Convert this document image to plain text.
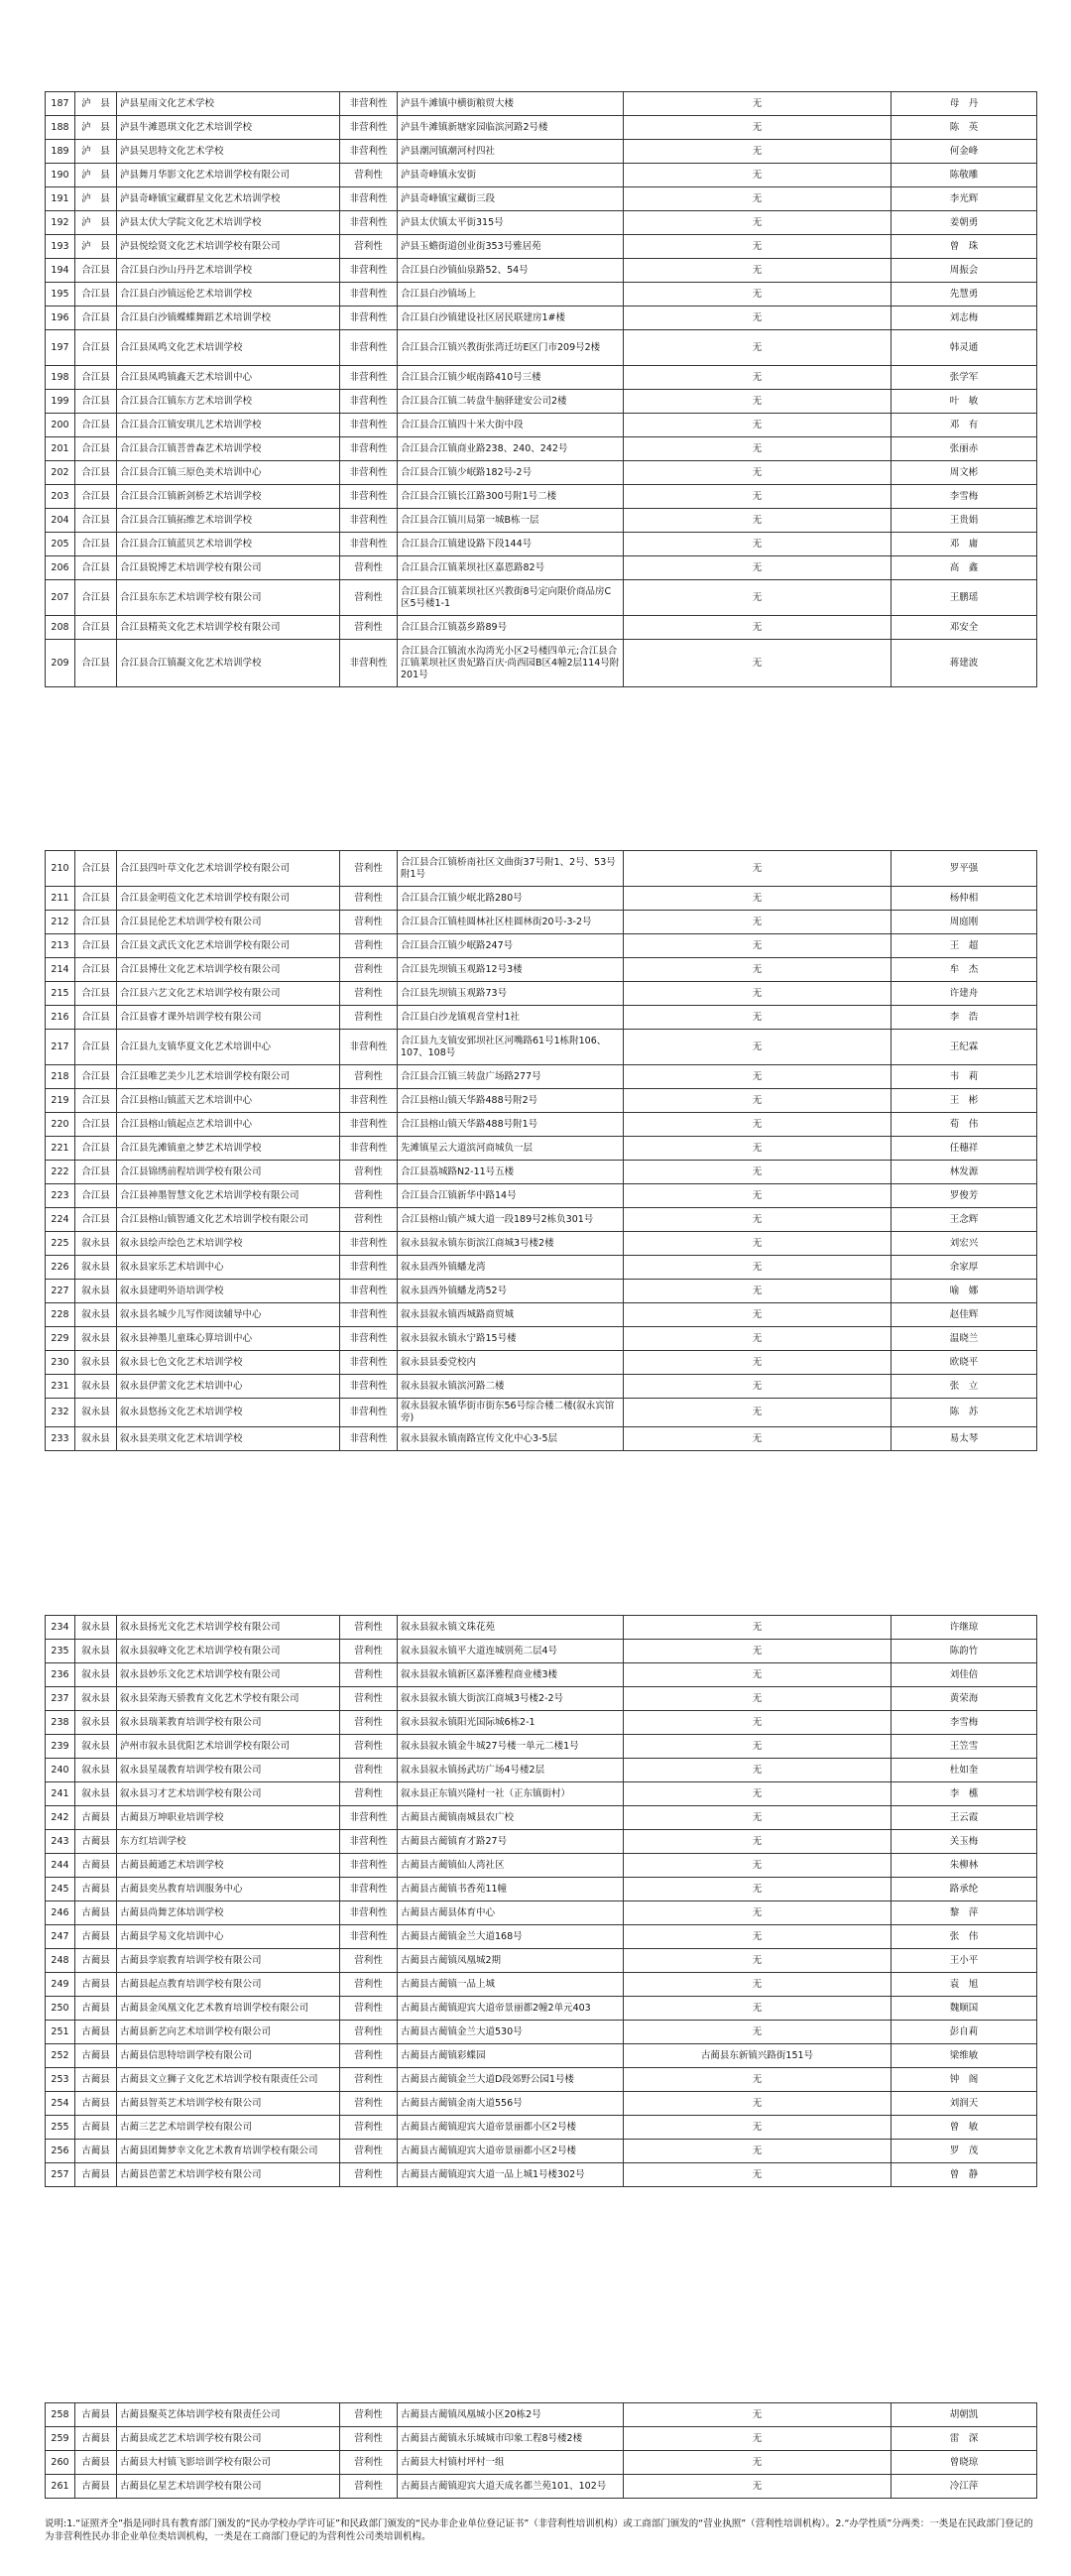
187	泸　县	泸县星雨文化艺术学校	非营利性	泸县牛滩镇中横街粮贸大楼	无	母　丹
188	泸　县	泸县牛滩恩琪文化艺术培训学校	非营利性	泸县牛滩镇新塘家园临滨河路2号楼	无	陈　英
189	泸　县	泸县吴思特文化艺术学校	非营利性	泸县潮河镇潮河村四社	无	何金峰
190	泸　县	泸县舞月华影文化艺术培训学校有限公司	营利性	泸县奇峰镇永安街	无	陈敬雕
191	泸　县	泸县奇峰镇宝藏群星文化艺术培训学校	非营利性	泸县奇峰镇宝藏街三段	无	李光辉
192	泸　县	泸县太伏大学院文化艺术培训学校	非营利性	泸县太伏镇太平街315号	无	姜朝勇
193	泸　县	泸县悦绘贤文化艺术培训学校有限公司	营利性	泸县玉蟾街道创业街353号雅居苑	无	曾　珠
194	合江县	合江县白沙山丹丹艺术培训学校	非营利性	合江县白沙镇仙泉路52、54号	无	周振会
195	合江县	合江县白沙镇远伦艺术培训学校	非营利性	合江县白沙镇场上	无	先慧勇
196	合江县	合江县白沙镇蝶蝶舞蹈艺术培训学校	非营利性	合江县白沙镇建设社区居民联建房1#楼	无	刘志梅
197	合江县	合江县凤鸣文化艺术培训学校	非营利性	合江县合江镇兴教街张湾迁坊E区门市209号2楼	无	韩灵通
198	合江县	合江县凤鸣镇鑫天艺术培训中心	非营利性	合江县合江镇少岷南路410号三楼	无	张学军
199	合江县	合江县合江镇东方艺术培训学校	非营利性	合江县合江镇二转盘牛脑驿建安公司2楼	无	叶　敏
200	合江县	合江县合江镇安琪儿艺术培训学校	非营利性	合江县合江镇四十米大街中段	无	邓　有
201	合江县	合江县合江镇菩普森艺术培训学校	非营利性	合江县合江镇商业路238、240、242号	无	张丽赤
202	合江县	合江县合江镇三原色美术培训中心	非营利性	合江县合江镇少岷路182号-2号	无	周文彬
203	合江县	合江县合江镇新剑桥艺术培训学校	非营利性	合江县合江镇长江路300号附1号二楼	无	李雪梅
204	合江县	合江县合江镇拓维艺术培训学校	非营利性	合江县合江镇川局第一城B栋一层	无	王贵娟
205	合江县	合江县合江镇蓝贝艺术培训学校	非营利性	合江县合江镇建设路下段144号	无	邓　庸
206	合江县	合江县锐博艺术培训学校有限公司	营利性	合江县合江镇莱坝社区嘉恩路82号	无	高　鑫
207	合江县	合江县东东艺术培训学校有限公司	营利性	合江县合江镇莱坝社区兴教街8号定向限价商品房C区5号楼1-1	无	王鹏瑶
208	合江县	合江县精英文化艺术培训学校有限公司	营利性	合江县合江镇荔乡路89号	无	邓安全
209	合江县	合江县合江镇凝文化艺术培训学校	非营利性	合江县合江镇流水沟湾光小区2号楼四单元;合江县合江镇莱坝社区贵妃路百庆·尚西园B区4幢2层114号附201号	无	蒋建波
210	合江县	合江县四叶草文化艺术培训学校有限公司	营利性	合江县合江镇桥南社区文曲街37号附1、2号、53号附1号	无	罗平强
211	合江县	合江县金明苞文化艺术培训学校有限公司	营利性	合江县合江镇少岷北路280号	无	杨仲相
212	合江县	合江县昆伦艺术培训学校有限公司	营利性	合江县合江镇桂圆林社区桂圆林街20号-3-2号	无	周庭刚
213	合江县	合江县文武氏文化艺术培训学校有限公司	营利性	合江县合江镇少岷路247号	无	王　超
214	合江县	合江县博仕文化艺术培训学校有限公司	营利性	合江县先坝镇玉观路12号3楼	无	牟　杰
215	合江县	合江县六艺文化艺术培训学校有限公司	营利性	合江县先坝镇玉观路73号	无	许建舟
216	合江县	合江县睿才课外培训学校有限公司	营利性	合江县白沙龙镇观音堂村1社	无	李　浩
217	合江县	合江县九支镇华夏文化艺术培训中心	非营利性	合江县九支镇安郅坝社区河嘴路61号1栋附106、107、108号	无	王纪霖
218	合江县	合江县唯艺美少儿艺术培训学校有限公司	营利性	合江县合江镇三转盘广场路277号	无	韦　莉
219	合江县	合江县榕山镇蓝天艺术培训中心	非营利性	合江县榕山镇天华路488号附2号	无	王　彬
220	合江县	合江县榕山镇起点艺术培训中心	非营利性	合江县榕山镇天华路488号附1号	无	荀　伟
221	合江县	合江县先滩镇童之梦艺术培训学校	非营利性	先滩镇星云大道滨河商城负一层	无	任穗祥
222	合江县	合江县锦绣前程培训学校有限公司	营利性	合江县荔城路N2-11号五楼	无	林发源
223	合江县	合江县神墨智慧文化艺术培训学校有限公司	营利性	合江县合江镇新华中路14号	无	罗俊芳
224	合江县	合江县榕山镇智通文化艺术培训学校有限公司	营利性	合江县榕山镇产城大道一段189号2栋负301号	无	王念辉
225	叙永县	叙永县绘声绘色艺术培训学校	非营利性	叙永县叙永镇东街滨江商城3号楼2楼	无	刘宏兴
226	叙永县	叙永县家乐艺术培训中心	非营利性	叙永县西外镇蟠龙湾	无	余家厚
227	叙永县	叙永县建明外语培训学校	非营利性	叙永县西外镇蟠龙湾52号	无	喻　娜
228	叙永县	叙永县名城少儿写作阅读辅导中心	非营利性	叙永县叙永镇西城路商贸城	无	赵佳辉
229	叙永县	叙永县神墨儿童珠心算培训中心	非营利性	叙永县叙永镇永宁路15号楼	无	温晓兰
230	叙永县	叙永县七色文化艺术培训学校	非营利性	叙永县县委党校内	无	欧晓平
231	叙永县	叙永县伊蕾文化艺术培训中心	非营利性	叙永县叙永镇滨河路二楼	无	张　立
232	叙永县	叙永县悠扬文化艺术培训学校	非营利性	叙永县叙永镇华街市街东56号综合楼二楼(叙永宾馆旁)	无	陈　苏
233	叙永县	叙永县美琪文化艺术培训学校	非营利性	叙永县叙永镇南路宣传文化中心3-5层	无	易太琴
234	叙永县	叙永县扬光文化艺术培训学校有限公司	营利性	叙永县叙永镇文珠花苑	无	许继琼
235	叙永县	叙永县叙峰文化艺术培训学校有限公司	营利性	叙永县叙永镇平大道连城别苑二层4号	无	陈韵竹
236	叙永县	叙永县妙乐文化艺术培训学校有限公司	营利性	叙永县叙永镇新区嘉泽雅程商业楼3楼	无	刘佳倍
237	叙永县	叙永县荣海天骄教育文化艺术学校有限公司	营利性	叙永县叙永镇大街滨江商城3号楼2-2号	无	黄荣海
238	叙永县	叙永县瑞莱教育培训学校有限公司	营利性	叙永县叙永镇阳光国际城6栋2-1	无	李雪梅
239	叙永县	泸州市叙永县优阳艺术培训学校有限公司	营利性	叙永县叙永镇金牛城27号楼一单元二楼1号	无	王笠雪
240	叙永县	叙永县星晟教育培训学校有限公司	营利性	叙永县叙永镇扬武坊广场4号楼2层	无	杜如奎
241	叙永县	叙永县习才艺术培训学校有限公司	营利性	叙永县正东镇兴隆村一社（正东镇街村）	无	李　櫵
242	古蔺县	古蔺县万坤职业培训学校	非营利性	古蔺县古蔺镇南城县农广校	无	王云霞
243	古蔺县	东方红培训学校	非营利性	古蔺县古蔺镇育才路27号	无	关玉梅
244	古蔺县	古蔺县蔺通艺术培训学校	非营利性	古蔺县古蔺镇仙人湾社区	无	朱柳林
245	古蔺县	古蔺县奕丛教育培训服务中心	非营利性	古蔺县古蔺镇书香苑11幢	无	路承纶
246	古蔺县	古蔺县尚舞艺体培训学校	非营利性	古蔺县古蔺县体育中心	无	黎　萍
247	古蔺县	古蔺县学易文化培训中心	非营利性	古蔺县古蔺镇金兰大道168号	无	张　伟
248	古蔺县	古蔺县孪宸教育培训学校有限公司	营利性	古蔺县古蔺镇凤凰城2期	无	王小平
249	古蔺县	古蔺县起点教育培训学校有限公司	营利性	古蔺县古蔺镇一品上城	无	袁　旭
250	古蔺县	古蔺县金凤凰文化艺术教育培训学校有限公司	营利性	古蔺县古蔺镇迎宾大道帝景丽都2幢2单元403	无	魏顺国
251	古蔺县	古蔺县新艺向艺术培训学校有限公司	营利性	古蔺县古蔺镇金兰大道530号	无	彭自莉
252	古蔺县	古蔺县信思特培训学校有限公司	营利性	古蔺县古蔺镇彩蝶园	古蔺县东新镇兴路街151号	梁维敏
253	古蔺县	古蔺县文立狮子文化艺术培训学校有限责任公司	营利性	古蔺县古蔺镇金兰大道D段郊野公园1号楼	无	钟　阁
254	古蔺县	古蔺县智英艺术培训学校有限公司	营利性	古蔺县古蔺镇金南大道556号	无	刘润天
255	古蔺县	古蔺三艺艺术培训学校有限公司	营利性	古蔺县古蔺镇迎宾大道帝景丽都小区2号楼	无	曾　敏
256	古蔺县	古蔺县团舞梦幸文化艺术教育培训学校有限公司	营利性	古蔺县古蔺镇迎宾大道帝景丽都小区2号楼	无	罗　茂
257	古蔺县	古蔺县芭蕾艺术培训学校有限公司	营利性	古蔺县古蔺镇迎宾大道一品上城1号楼302号	无	曾　静
258	古蔺县	古蔺县聚英艺体培训学校有限责任公司	营利性	古蔺县古蔺镇凤凰城小区20栋2号	无	胡朝凯
259	古蔺县	古蔺县成艺艺术培训学校有限公司	营利性	古蔺县古蔺镇永乐城城市印象工程8号楼2楼	无	雷　深
260	古蔺县	古蔺县大村镇飞影培训学校有限公司	营利性	古蔺县大村镇村坪村一组	无	曾晓琼
261	古蔺县	古蔺县亿星艺术培训学校有限公司	营利性	古蔺县古蔺镇迎宾大道天成名都兰苑101、102号	无	冷江萍
说明:1.“证照齐全”指是同时具有教育部门颁发的“民办学校办学许可证”和民政部门颁发的“民办非企业单位登记证书”（非营利性培训机构）或工商部门颁发的“营业执照”（营利性培训机构）。2.“办学性质”分两类：一类是在民政部门登记的为非营利性民办非企业单位类培训机构，一类是在工商部门登记的为营利性公司类培训机构。
